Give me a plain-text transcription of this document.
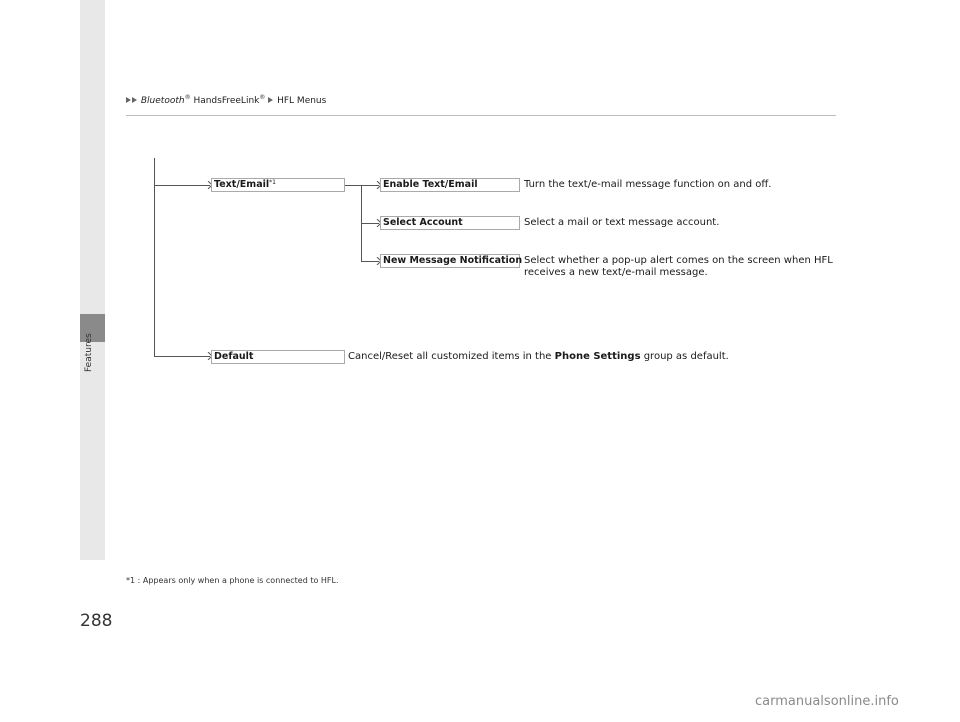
Features
Bluetooth® HandsFreeLink® HFL Menus
Text/Email$^{*1}$	Enable Text/Email
Select Account
New Message Notification
Default
Turn the text/e-mail message function on and off.
Select a mail or text message account.
Select whether a pop-up alert comes on the screen when HFL
receives a new text/e-mail message.
Cancel/Reset all customized items in the Phone Settings group as default.
*1 : Appears only when a phone is connected to HFL.
288
carmanualsonline.info
